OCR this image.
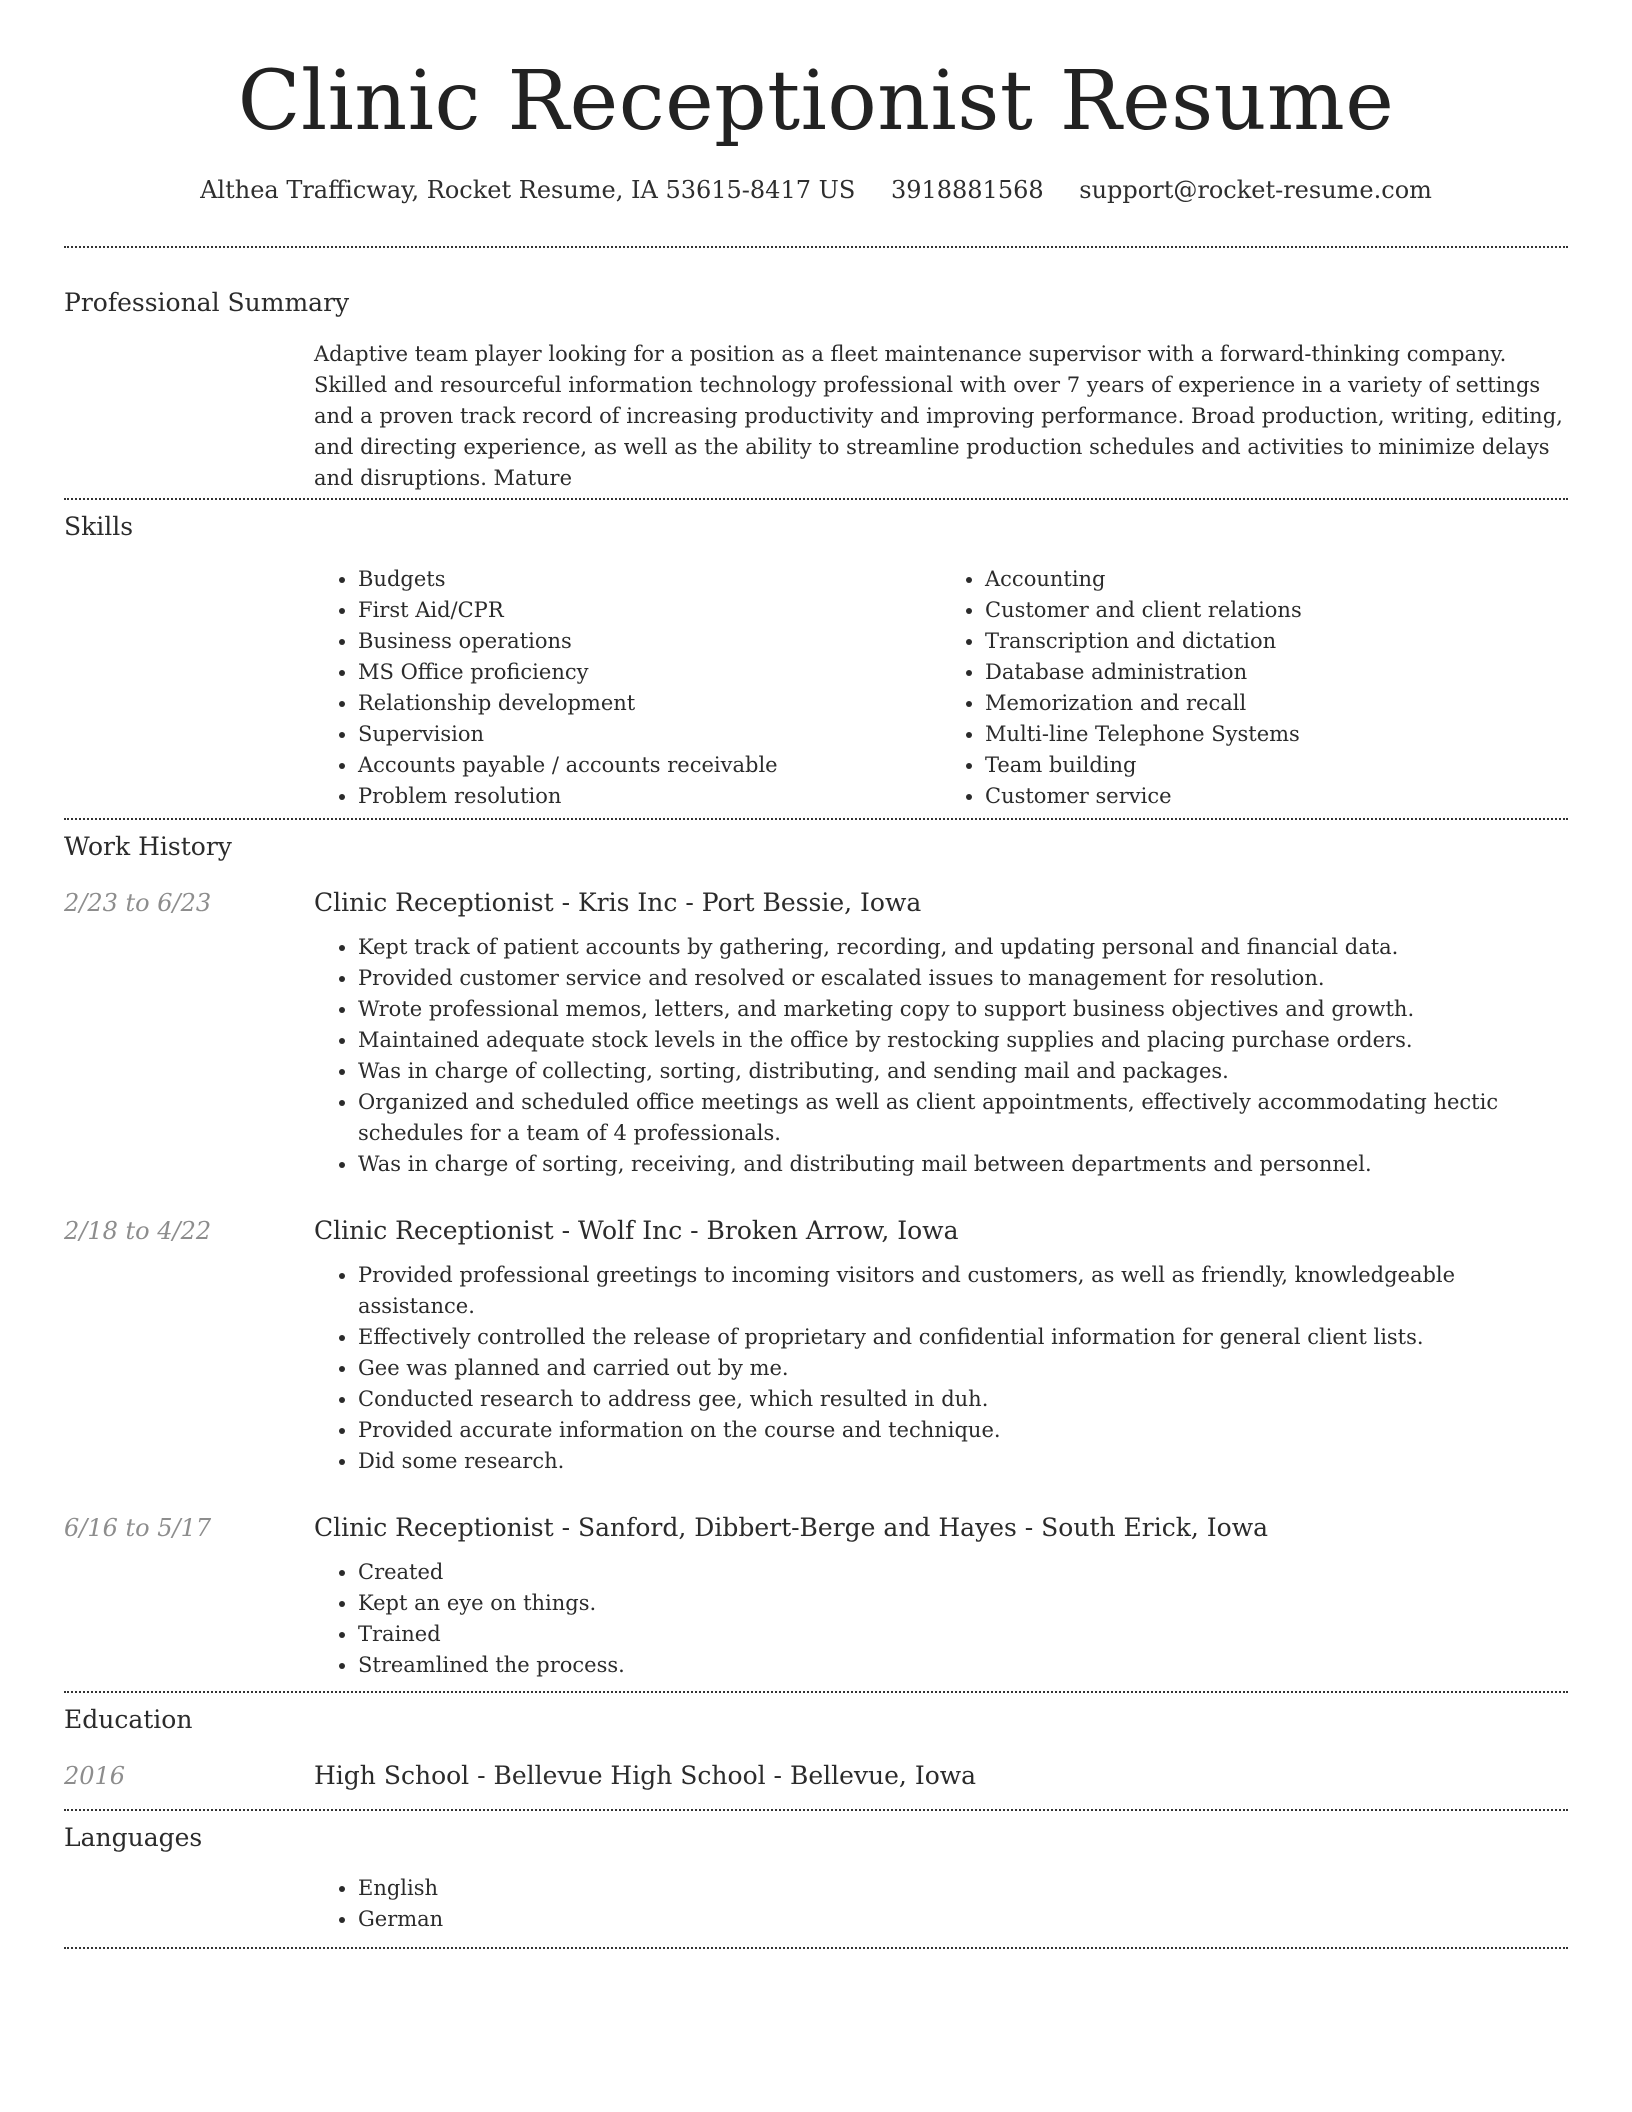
Clinic Receptionist Resume
Althea Trafficway, Rocket Resume, IA 53615-8417 US 3918881568 support@rocket-resume.com
Professional Summary

Adaptive team player looking for a position as a fleet maintenance supervisor with a forward-thinking company. Skilled and resourceful information technology professional with over 7 years of experience in a variety of settings and a proven track record of increasing productivity and improving performance. Broad production, writing, editing, and directing experience, as well as the ability to streamline production schedules and activities to minimize delays and disruptions. Mature

Skills
• Budgets
• First Aid/CPR
• Business operations
• MS Office proficiency
• Relationship development
• Supervision
• Accounts payable / accounts receivable
• Problem resolution
• Accounting
• Customer and client relations
• Transcription and dictation
• Database administration
• Memorization and recall
• Multi-line Telephone Systems
• Team building
• Customer service
Work History
2/23 to 6/23	Clinic Receptionist - Kris Inc - Port Bessie, Iowa
• Kept track of patient accounts by gathering, recording, and updating personal and financial data.
• Provided customer service and resolved or escalated issues to management for resolution.
• Wrote professional memos, letters, and marketing copy to support business objectives and growth.
• Maintained adequate stock levels in the office by restocking supplies and placing purchase orders.
• Was in charge of collecting, sorting, distributing, and sending mail and packages.
• Organized and scheduled office meetings as well as client appointments, effectively accommodating hectic schedules for a team of 4 professionals.
• Was in charge of sorting, receiving, and distributing mail between departments and personnel.
2/18 to 4/22	Clinic Receptionist - Wolf Inc - Broken Arrow, Iowa
• Provided professional greetings to incoming visitors and customers, as well as friendly, knowledgeable assistance.
• Effectively controlled the release of proprietary and confidential information for general client lists.
• Gee was planned and carried out by me.
• Conducted research to address gee, which resulted in duh.
• Provided accurate information on the course and technique.
• Did some research.
6/16 to 5/17	Clinic Receptionist - Sanford, Dibbert-Berge and Hayes - South Erick, Iowa
• Created
• Kept an eye on things.
• Trained
• Streamlined the process.
Education
2016	High School - Bellevue High School - Bellevue, Iowa
Languages
• English
• German
